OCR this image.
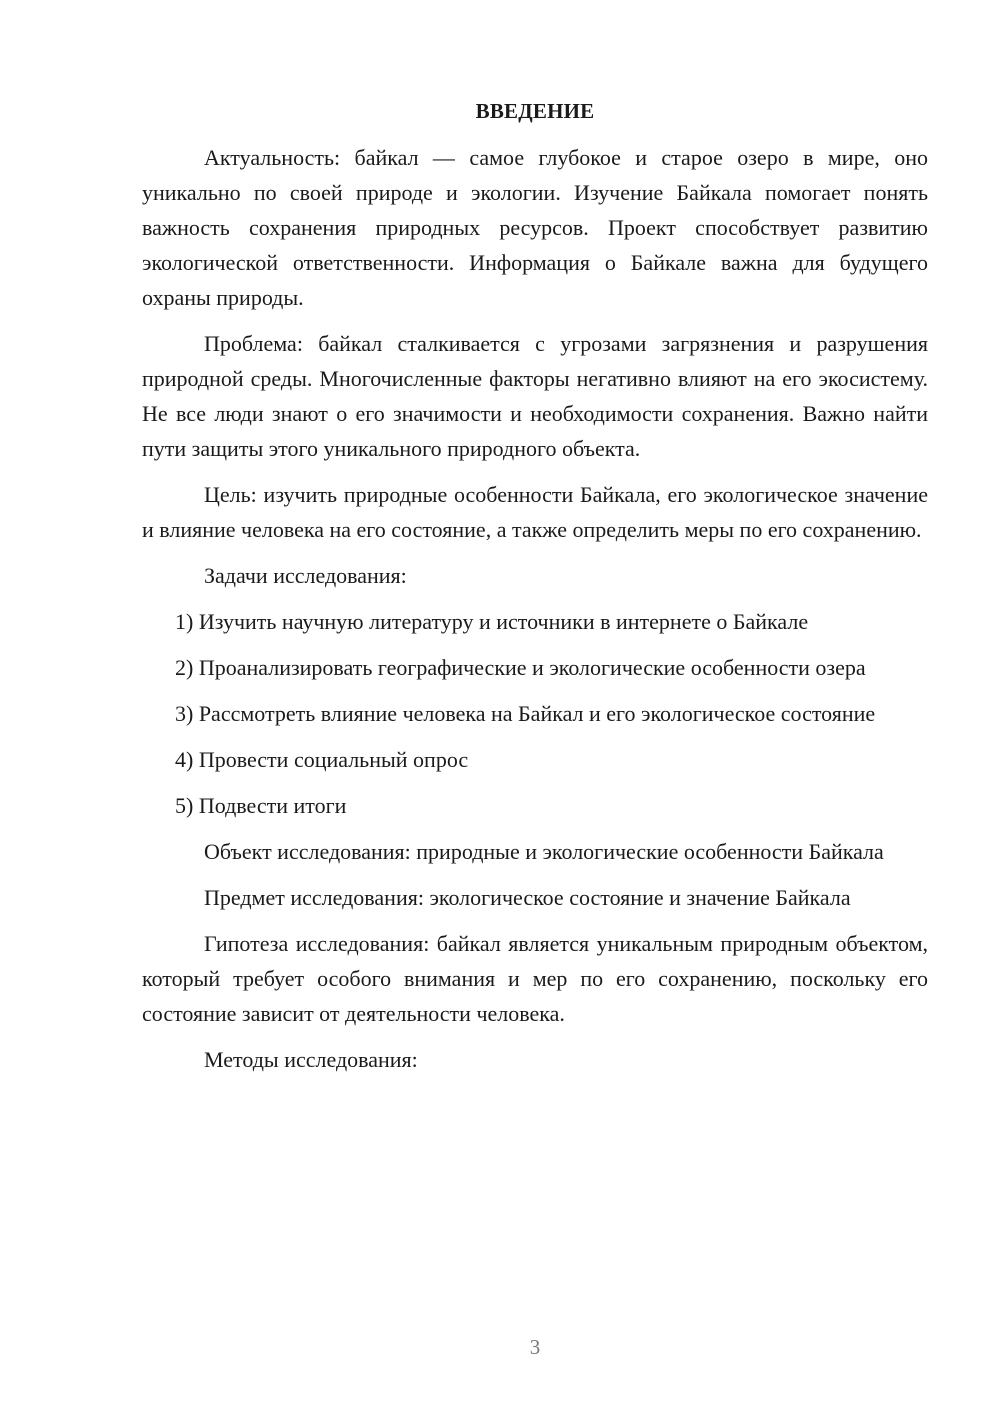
ВВЕДЕНИЕ

Актуальность: байкал — самое глубокое и старое озеро в мире, оно уникально по своей природе и экологии. Изучение Байкала помогает понять важность сохранения природных ресурсов. Проект способствует развитию экологической ответственности. Информация о Байкале важна для будущего охраны природы.

Проблема: байкал сталкивается с угрозами загрязнения и разрушения природной среды. Многочисленные факторы негативно влияют на его экосистему. Не все люди знают о его значимости и необходимости сохранения. Важно найти пути защиты этого уникального природного объекта.

Цель: изучить природные особенности Байкала, его экологическое значение и влияние человека на его состояние, а также определить меры по его сохранению.

Задачи исследования:

1) Изучить научную литературу и источники в интернете о Байкале

2) Проанализировать географические и экологические особенности озера

3) Рассмотреть влияние человека на Байкал и его экологическое состояние

4) Провести социальный опрос

5) Подвести итоги

Объект исследования: природные и экологические особенности Байкала

Предмет исследования: экологическое состояние и значение Байкала

Гипотеза исследования: байкал является уникальным природным объектом, который требует особого внимания и мер по его сохранению, поскольку его состояние зависит от деятельности человека.

Методы исследования:

3
